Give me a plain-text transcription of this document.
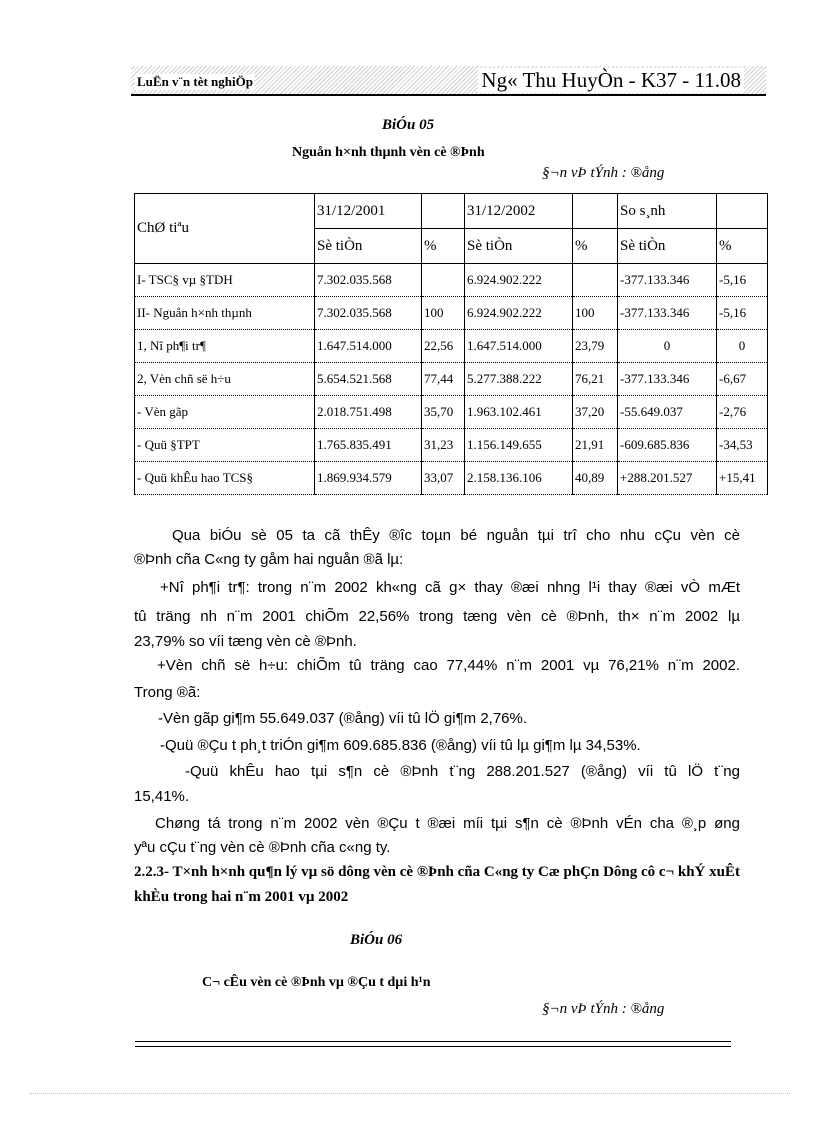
LuËn v¨n tèt nghiÖp	Ng« Thu HuyÒn - K37 - 11.08
BiÓu 05
Nguån h×nh thµnh vèn cè ®Þnh
§¬n vÞ tÝnh : ®ång
ChØ tiªu	31/12/2001		31/12/2002		So s¸nh	
	Sè tiÒn	%	Sè tiÒn	%	Sè tiÒn	%
I- TSC§ vµ §TDH	7.302.035.568		6.924.902.222		-377.133.346	-5,16
II- Nguån h×nh thµnh	7.302.035.568	100	6.924.902.222	100	-377.133.346	-5,16
1, Nî ph¶i tr¶	1.647.514.000	22,56	1.647.514.000	23,79	0	0
2, Vèn chñ së h÷u	5.654.521.568	77,44	5.277.388.222	76,21	-377.133.346	-6,67
- Vèn gãp	2.018.751.498	35,70	1.963.102.461	37,20	-55.649.037	-2,76
- Quü §TPT	1.765.835.491	31,23	1.156.149.655	21,91	-609.685.836	-34,53
- Quü khÊu hao TCS§	1.869.934.579	33,07	2.158.136.106	40,89	+288.201.527	+15,41
Qua biÓu sè 05 ta cã thÊy ®îc toµn bé nguån tµi trî cho nhu cÇu vèn cè
®Þnh cña C«ng ty gåm hai nguån ®ã lµ:
+Nî ph¶i tr¶: trong n¨m 2002 kh«ng cã g× thay ®æi nhng l¹i thay ®æi vÒ mÆt
tû träng nh n¨m 2001 chiÕm 22,56% trong tæng vèn cè ®Þnh, th× n¨m 2002 lµ
23,79% so víi tæng vèn cè ®Þnh.
+Vèn chñ së h÷u: chiÕm tû träng cao 77,44% n¨m 2001 vµ 76,21% n¨m 2002.
Trong ®ã:
-Vèn gãp gi¶m 55.649.037 (®ång) víi tû lÖ gi¶m 2,76%.
-Quü ®Çu t ph¸t triÓn gi¶m 609.685.836 (®ång) víi tû lµ gi¶m lµ 34,53%.
-Quü khÊu hao tµi s¶n cè ®Þnh t¨ng 288.201.527 (®ång) víi tû lÖ t¨ng
15,41%.
Chøng tá trong n¨m 2002 vèn ®Çu t ®æi míi tµi s¶n cè ®Þnh vÉn cha ®¸p øng
yªu cÇu t¨ng vèn cè ®Þnh cña c«ng ty.
2.2.3- T×nh h×nh qu¶n lý vµ sö dông vèn cè ®Þnh cña C«ng ty Cæ phÇn Dông cô c¬ khÝ xuÊt khÈu trong hai n¨m 2001 vµ 2002
BiÓu 06
C¬ cÊu vèn cè ®Þnh vµ ®Çu t dµi h¹n
§¬n vÞ tÝnh : ®ång
